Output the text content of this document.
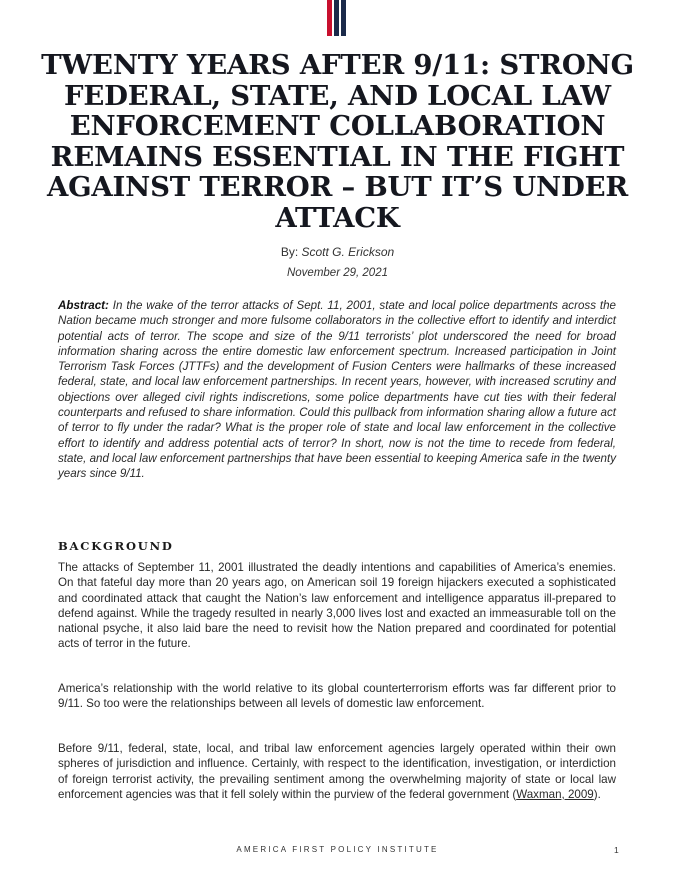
TWENTY YEARS AFTER 9/11: STRONG FEDERAL, STATE, AND LOCAL LAW ENFORCEMENT COLLABORATION REMAINS ESSENTIAL IN THE FIGHT AGAINST TERROR – BUT IT’S UNDER ATTACK
By: Scott G. Erickson
November 29, 2021

Abstract: In the wake of the terror attacks of Sept. 11, 2001, state and local police departments across the Nation became much stronger and more fulsome collaborators in the collective effort to identify and interdict potential acts of terror. The scope and size of the 9/11 terrorists’ plot underscored the need for broad information sharing across the entire domestic law enforcement spectrum. Increased participation in Joint Terrorism Task Forces (JTTFs) and the development of Fusion Centers were hallmarks of these increased federal, state, and local law enforcement partnerships. In recent years, however, with increased scrutiny and objections over alleged civil rights indiscretions, some police departments have cut ties with their federal counterparts and refused to share information. Could this pullback from information sharing allow a future act of terror to fly under the radar? What is the proper role of state and local law enforcement in the collective effort to identify and address potential acts of terror? In short, now is not the time to recede from federal, state, and local law enforcement partnerships that have been essential to keeping America safe in the twenty years since 9/11.

BACKGROUND

The attacks of September 11, 2001 illustrated the deadly intentions and capabilities of America’s enemies. On that fateful day more than 20 years ago, on American soil 19 foreign hijackers executed a sophisticated and coordinated attack that caught the Nation’s law enforcement and intelligence apparatus ill-prepared to defend against. While the tragedy resulted in nearly 3,000 lives lost and exacted an immeasurable toll on the national psyche, it also laid bare the need to revisit how the Nation prepared and coordinated for potential acts of terror in the future.

America’s relationship with the world relative to its global counterterrorism efforts was far different prior to 9/11. So too were the relationships between all levels of domestic law enforcement.

Before 9/11, federal, state, local, and tribal law enforcement agencies largely operated within their own spheres of jurisdiction and influence. Certainly, with respect to the identification, investigation, or interdiction of foreign terrorist activity, the prevailing sentiment among the overwhelming majority of state or local law enforcement agencies was that it fell solely within the purview of the federal government (Waxman, 2009).

AMERICA FIRST POLICY INSTITUTE	1
